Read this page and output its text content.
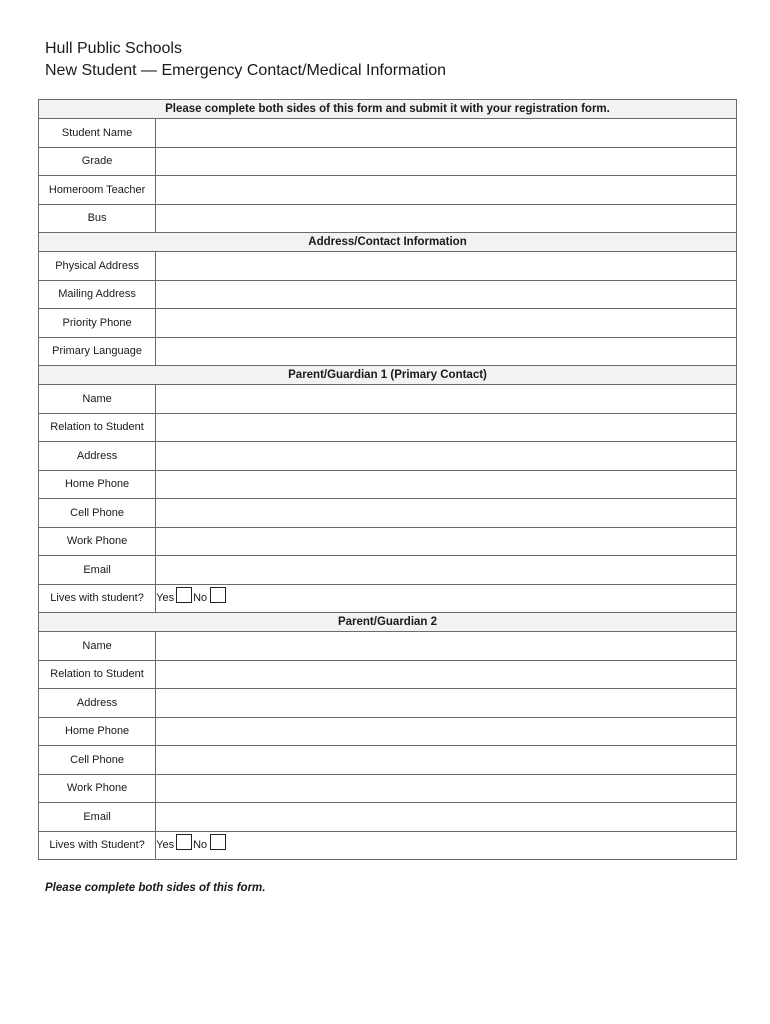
Hull Public Schools
New Student — Emergency Contact/Medical Information
Please complete both sides of this form and submit it with your registration form.	
Student Name	
Grade	
Homeroom Teacher	
Bus	
Address/Contact Information	
Physical Address	
Mailing Address	
Priority Phone	
Primary Language	
Parent/Guardian 1 (Primary Contact)	
Name	
Relation to Student	
Address	
Home Phone	
Cell Phone	
Work Phone	
Email	
Lives with student?	Yes No

Parent/Guardian 2	
Name	
Relation to Student	
Address	
Home Phone	
Cell Phone	
Work Phone	
Email	
Lives with Student?	Yes No
Please complete both sides of this form.
